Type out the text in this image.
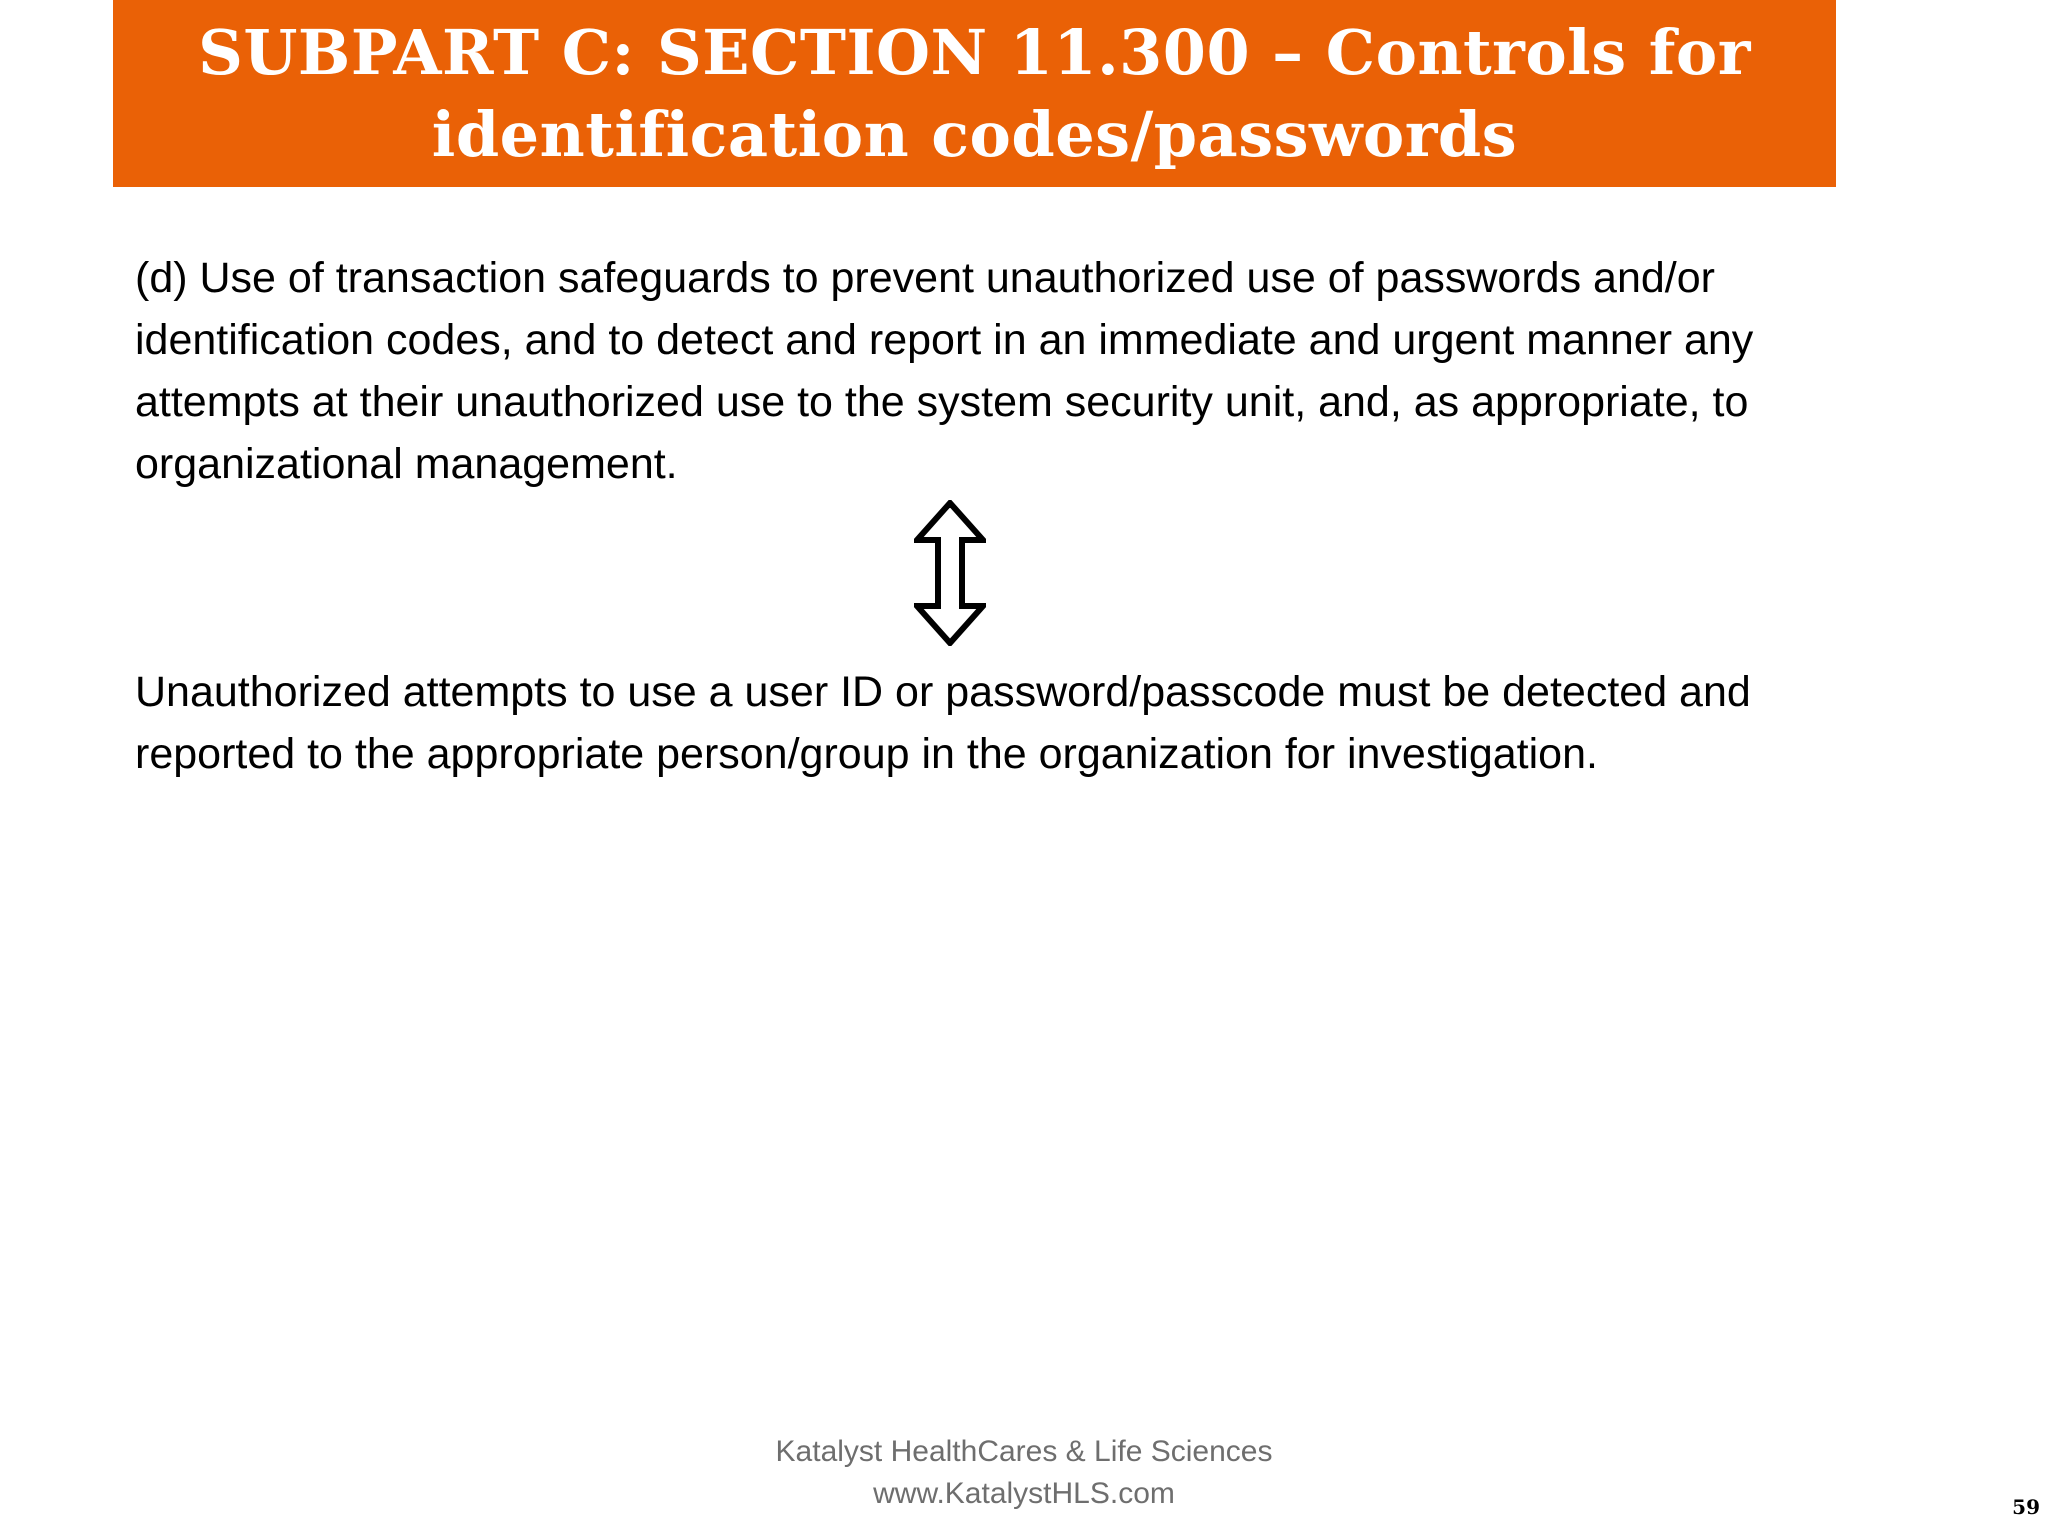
SUBPART C: SECTION 11.300 – Controls for identification codes/passwords

(d) Use of transaction safeguards to prevent unauthorized use of passwords and/or identification codes, and to detect and report in an immediate and urgent manner any attempts at their unauthorized use to the system security unit, and, as appropriate, to organizational management.

Unauthorized attempts to use a user ID or password/passcode must be detected and reported to the appropriate person/group in the organization for investigation.

Katalyst HealthCares & Life Sciences

www.KatalystHLS.com	59
